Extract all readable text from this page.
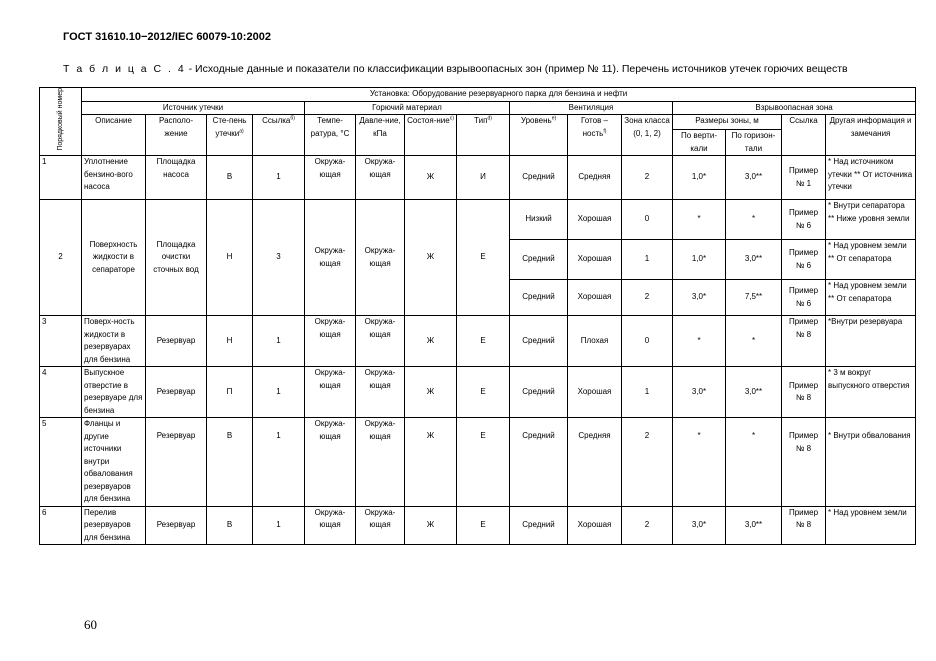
ГОСТ 31610.10−2012/IEC 60079-10:2002
Т а б л и ц а С . 4 - Исходные данные и показатели по классификации взрывоопасных зон (пример № 11). Перечень источников утечек горючих веществ
Порядковый номер	Установка: Оборудование резервуарного парка для бензина и нефти														
	Источник утечки				Горючий материал				Вентиляция			Взрывоопасная зона			
	Описание	Располо-жение	Сте-пень утечки$^{a)}$	Ссылка$^{б)}$	Темпе-ратура, °С	Давле-ние, кПа	Состоя-ние$^{с)}$	Тип$^{d)}$	Уровень$^{e)}$	Готов – ность$^{f)}$	Зона класса (0, 1, 2)	Размеры зоны, м		Ссылка	Другая информация и замечания
												По верти-кали	По горизон-тали		
1	Уплотнение бензино-вого насоса	Площадка насоса	В	1	Окружа-ющая	Окружа-ющая	Ж	И	Средний	Средняя	2	1,0*	3,0**	Пример № 1	* Над источником утечки ** От источника утечки
2	Поверхность жидкости в сепараторе	Площадка очистки сточных вод	Н	3	Окружа-ющая	Окружа-ющая	Ж	Е	Низкий	Хорошая	0	*	*	Пример № 6	* Внутри сепаратора ** Ниже уровня земли
									Средний	Хорошая	1	1,0*	3,0**	Пример № 6	* Над уровнем земли ** От сепаратора
									Средний	Хорошая	2	3,0*	7,5**	Пример № 6	* Над уровнем земли ** От сепаратора
3	Поверх-ность жидкости в резервуарах для бензина	Резервуар	Н	1	Окружа-ющая	Окружа-ющая	Ж	Е	Средний	Плохая	0	*	*	Пример № 8	*Внутри резервуара
4	Выпускное отверстие в резервуаре для бензина	Резервуар	П	1	Окружа-ющая	Окружа-ющая	Ж	Е	Средний	Хорошая	1	3,0*	3,0**	Пример № 8	* 3 м вокруг выпускного отверстия
5	Фланцы и другие источники внутри обвалования резервуаров для бензина	Резервуар	В	1	Окружа-ющая	Окружа-ющая	Ж	Е	Средний	Средняя	2	*	*	Пример № 8	* Внутри обвалования
6	Перелив резервуаров для бензина	Резервуар	В	1	Окружа-ющая	Окружа-ющая	Ж	Е	Средний	Хорошая	2	3,0*	3,0**	Пример № 8	* Над уровнем земли
60
